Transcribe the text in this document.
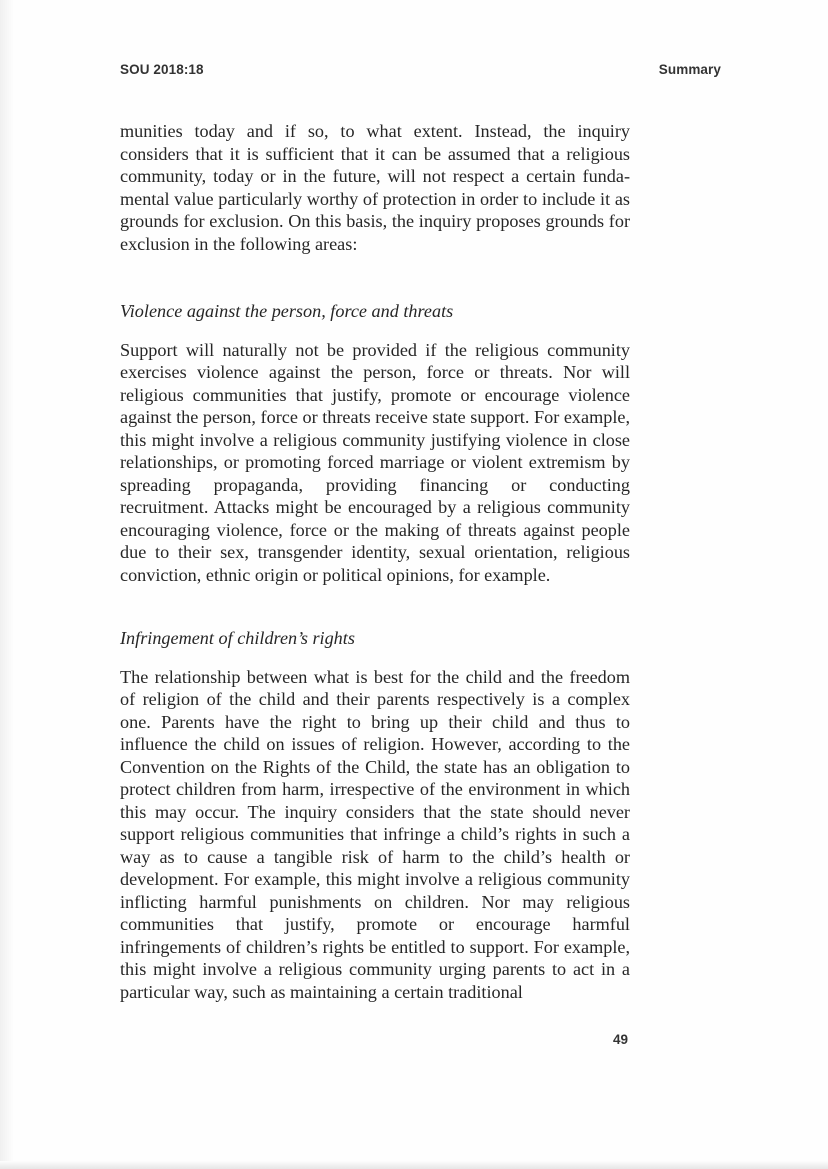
SOU 2018:18	Summary

munities today and if so, to what extent. Instead, the inquiry considers that it is sufficient that it can be assumed that a religious community, today or in the future, will not respect a certain fundamental value particularly worthy of protection in order to include it as grounds for exclusion. On this basis, the inquiry proposes grounds for exclusion in the following areas:

Violence against the person, force and threats

Support will naturally not be provided if the religious community exercises violence against the person, force or threats. Nor will religious communities that justify, promote or encourage violence against the person, force or threats receive state support. For example, this might involve a religious community justifying violence in close relationships, or promoting forced marriage or violent extremism by spreading propaganda, providing financing or conducting recruitment. Attacks might be encouraged by a religious community encouraging violence, force or the making of threats against people due to their sex, transgender identity, sexual orientation, religious conviction, ethnic origin or political opinions, for example.

Infringement of children’s rights

The relationship between what is best for the child and the freedom of religion of the child and their parents respectively is a complex one. Parents have the right to bring up their child and thus to influence the child on issues of religion. However, according to the Convention on the Rights of the Child, the state has an obligation to protect children from harm, irrespective of the environment in which this may occur. The inquiry considers that the state should never support religious communities that infringe a child’s rights in such a way as to cause a tangible risk of harm to the child’s health or development. For example, this might involve a religious community inflicting harmful punishments on children. Nor may religious communities that justify, promote or encourage harmful infringements of children’s rights be entitled to support. For example, this might involve a religious community urging parents to act in a particular way, such as maintaining a certain traditional

49
